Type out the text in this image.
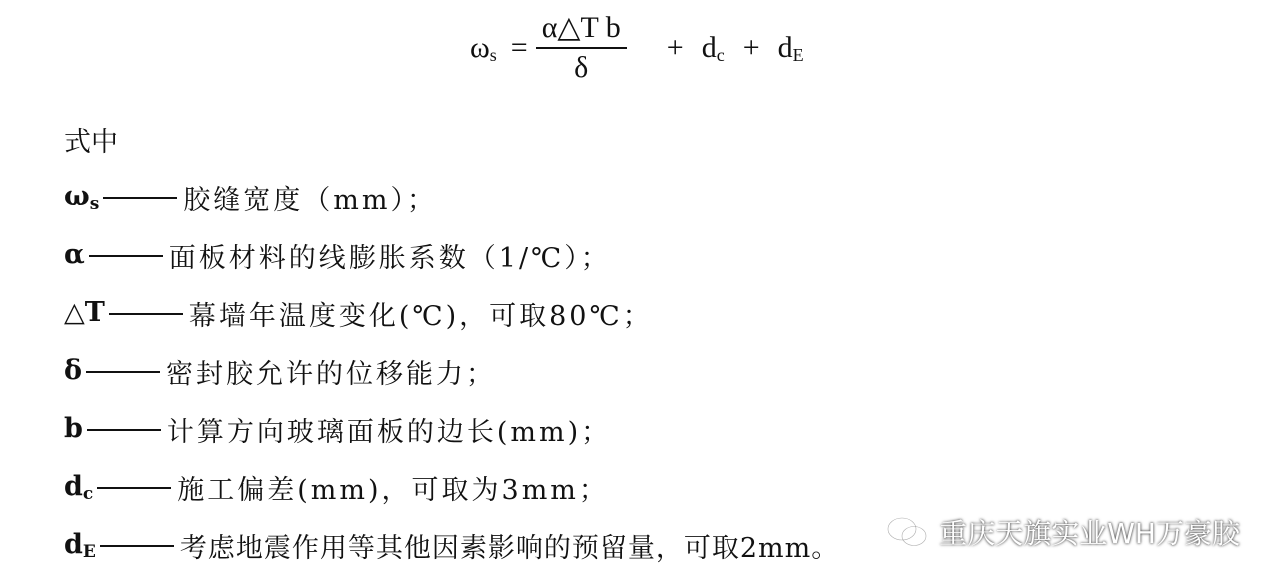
$\omega_s = \frac{\text{α△T b}}{\delta} + d_c + d_E$
式中
$\omega_s$	胶缝宽度（mm）；
α	面板材料的线膨胀系数（1/℃）；
△T	幕墙年温度变化(℃)，可取80℃；
δ	密封胶允许的位移能力；
b	计算方向玻璃面板的边长(mm)；
$d_c$	施工偏差(mm)，可取为3mm；
$d_E$	考虑地震作用等其他因素影响的预留量，可取2mm。	重庆天旗实业WH万豪胶
